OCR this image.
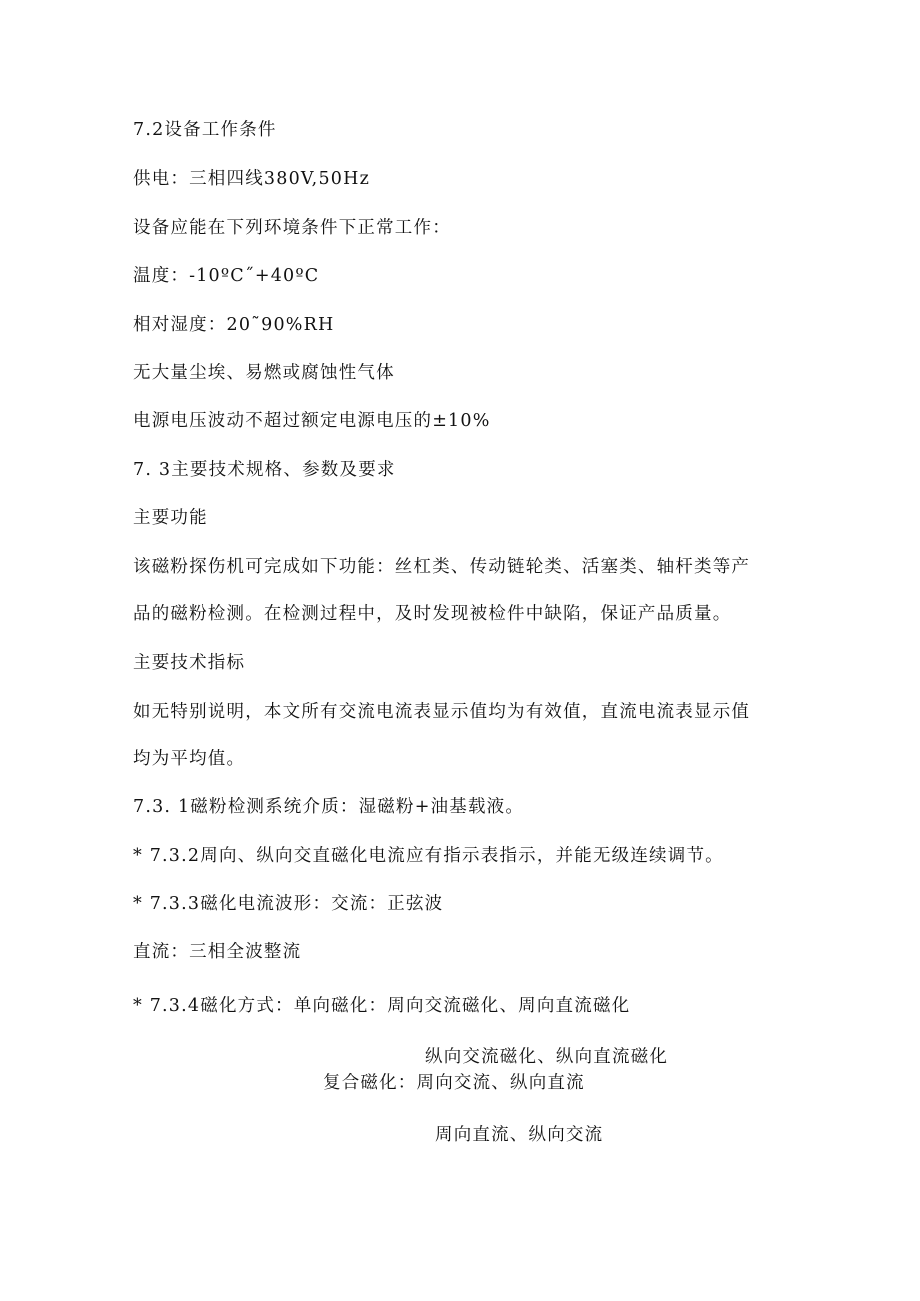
7.2设备工作条件
供电：三相四线380V,50Hz
设备应能在下列环境条件下正常工作：
温度：-10ºC˝+40ºC
相对湿度：20˜90%RH
无大量尘埃、易燃或腐蚀性气体
电源电压波动不超过额定电源电压的±10%
7. 3主要技术规格、参数及要求
主要功能
该磁粉探伤机可完成如下功能：丝杠类、传动链轮类、活塞类、轴杆类等产
品的磁粉检测。在检测过程中，及时发现被检件中缺陷，保证产品质量。
主要技术指标
如无特别说明，本文所有交流电流表显示值均为有效值，直流电流表显示值
均为平均值。
7.3. 1磁粉检测系统介质：湿磁粉+油基载液。
* 7.3.2周向、纵向交直磁化电流应有指示表指示，并能无级连续调节。
* 7.3.3磁化电流波形：交流：正弦波
直流：三相全波整流
* 7.3.4磁化方式：单向磁化：周向交流磁化、周向直流磁化
纵向交流磁化、纵向直流磁化
复合磁化：周向交流、纵向直流
周向直流、纵向交流
